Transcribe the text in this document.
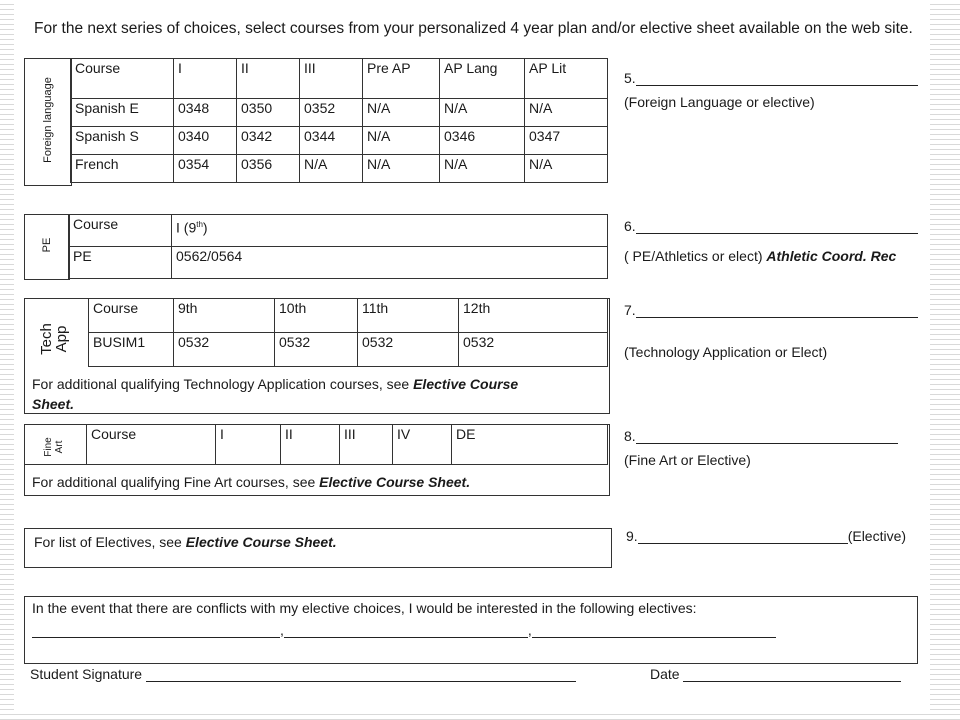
For the next series of choices, select courses from your personalized 4 year plan and/or elective sheet available on the web site.
Foreign language
Course	I	II	III	Pre AP	AP Lang	AP Lit
Spanish E	0348	0350	0352	N/A	N/A	N/A
Spanish S	0340	0342	0344	N/A	0346	0347
French	0354	0356	N/A	N/A	N/A	N/A
5.
(Foreign Language or elective)
PE
Course	I (9th)
PE	0562/0564
6.
( PE/Athletics or elect) Athletic Coord. Rec
Tech
App
Course	9th	10th	11th	12th
BUSIM1	0532	0532	0532	0532
For additional qualifying Technology Application courses, see Elective Course
Sheet.
7.
(Technology Application or Elect)
Fine
Art
Course	I	II	III	IV	DE
For additional qualifying Fine Art courses, see Elective Course Sheet.
8.
(Fine Art or Elective)
For list of Electives, see Elective Course Sheet.	9.	(Elective)
In the event that there are conflicts with my elective choices, I would be interested in the following electives:
,	,
Student Signature	Date
